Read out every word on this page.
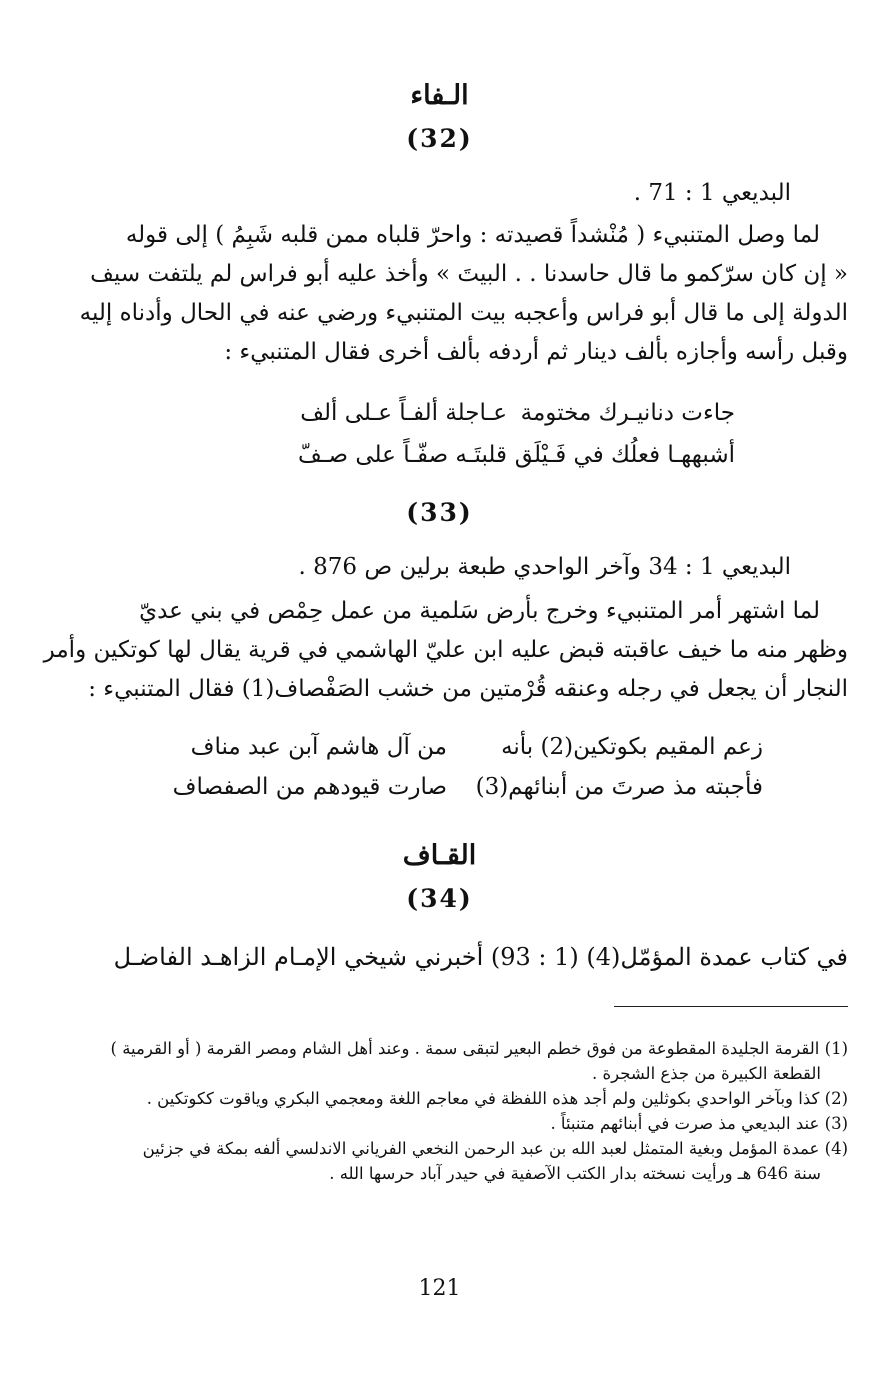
الـفاء
(32)
البديعي 1 : 71 .
لما وصل المتنبيء ( مُنْشداً قصيدته : واحرّ قلباه ممن قلبه شَبِمُ ) إلى قوله
« إن كان سرّكمو ما قال حاسدنا . . البيتَ » وأخذ عليه أبو فراس لم يلتفت سيف
الدولة إلى ما قال أبو فراس وأعجبه بيت المتنبيء ورضي عنه في الحال وأدناه إليه
وقبل رأسه وأجازه بألف دينار ثم أردفه بألف أخرى فقال المتنبيء :
جاءت دنانيـرك مختومة
عـاجلة ألفـاً عـلى ألف
أشبههـا فعلُك في فَـيْلَق
قلبتَـه صفّـاً على صـفّ
(33)
البديعي 1 : 34 وآخر الواحدي طبعة برلين ص 876 .
لما اشتهر أمر المتنبيء وخرج بأرض سَلمية من عمل حِمْص في بني عديّ
وظهر منه ما خيف عاقبته قبض عليه ابن عليّ الهاشمي في قرية يقال لها كوتكين وأمر
النجار أن يجعل في رجله وعنقه قُرْمتين من خشب الصَفْصاف(1) فقال المتنبيء :
زعم المقيم بكوتكين(2) بأنه
من آل هاشم آبن عبد مناف
فأجبته مذ صرتَ من أبنائهم(3)
صارت قيودهم من الصفصاف
القـاف
(34)
في كتاب عمدة المؤمّل(4) (1 : 93) أخبرني شيخي الإمـام الزاهـد الفاضـل
(1) القرمة الجليدة المقطوعة من فوق خطم البعير لتبقى سمة . وعند أهل الشام ومصر القرمة ( أو القرمية )
القطعة الكبيرة من جذع الشجرة .
(2) كذا وبآخر الواحدي بكوثلين ولم أجد هذه اللفظة في معاجم اللغة ومعجمي البكري وياقوت ككوتكين .
(3) عند البديعي مذ صرت في أبنائهم متنبئاً .
(4) عمدة المؤمل وبغية المتمثل لعبد الله بن عبد الرحمن النخعي الفرياني الاندلسي ألفه بمكة في جزئين
سنة 646 هـ ورأيت نسخته بدار الكتب الآصفية في حيدر آباد حرسها الله .
121
